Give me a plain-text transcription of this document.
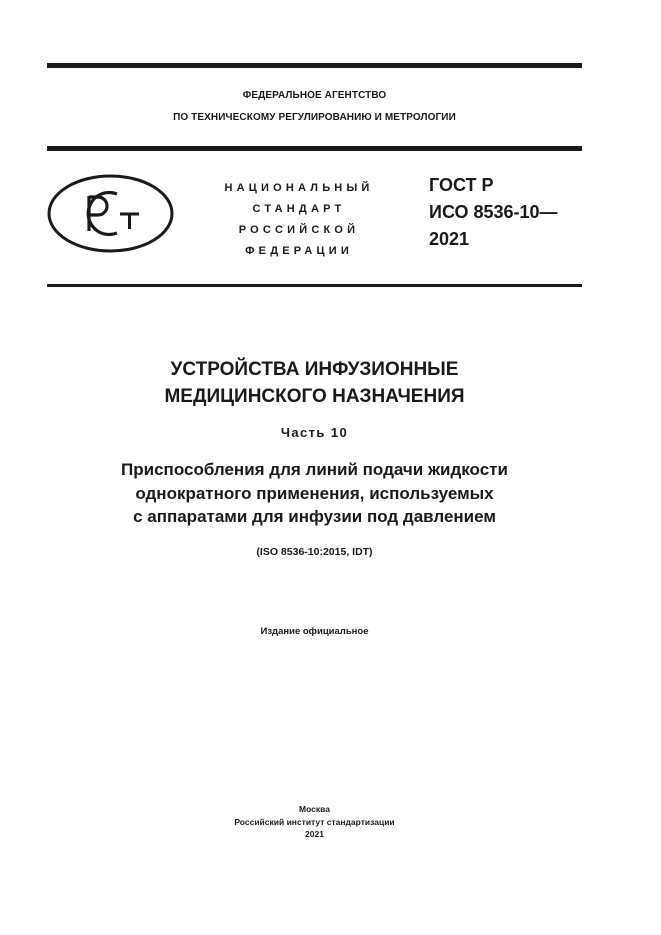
ФЕДЕРАЛЬНОЕ АГЕНТСТВО
ПО ТЕХНИЧЕСКОМУ РЕГУЛИРОВАНИЮ И МЕТРОЛОГИИ
НАЦИОНАЛЬНЫЙ
СТАНДАРТ
РОССИЙСКОЙ
ФЕДЕРАЦИИ
ГОСТ Р
ИСО 8536-10—
2021
УСТРОЙСТВА ИНФУЗИОННЫЕ
МЕДИЦИНСКОГО НАЗНАЧЕНИЯ
Часть 10
Приспособления для линий подачи жидкости
однократного применения, используемых
с аппаратами для инфузии под давлением
(ISO 8536-10:2015, IDT)
Издание официальное
Москва
Российский институт стандартизации
2021
